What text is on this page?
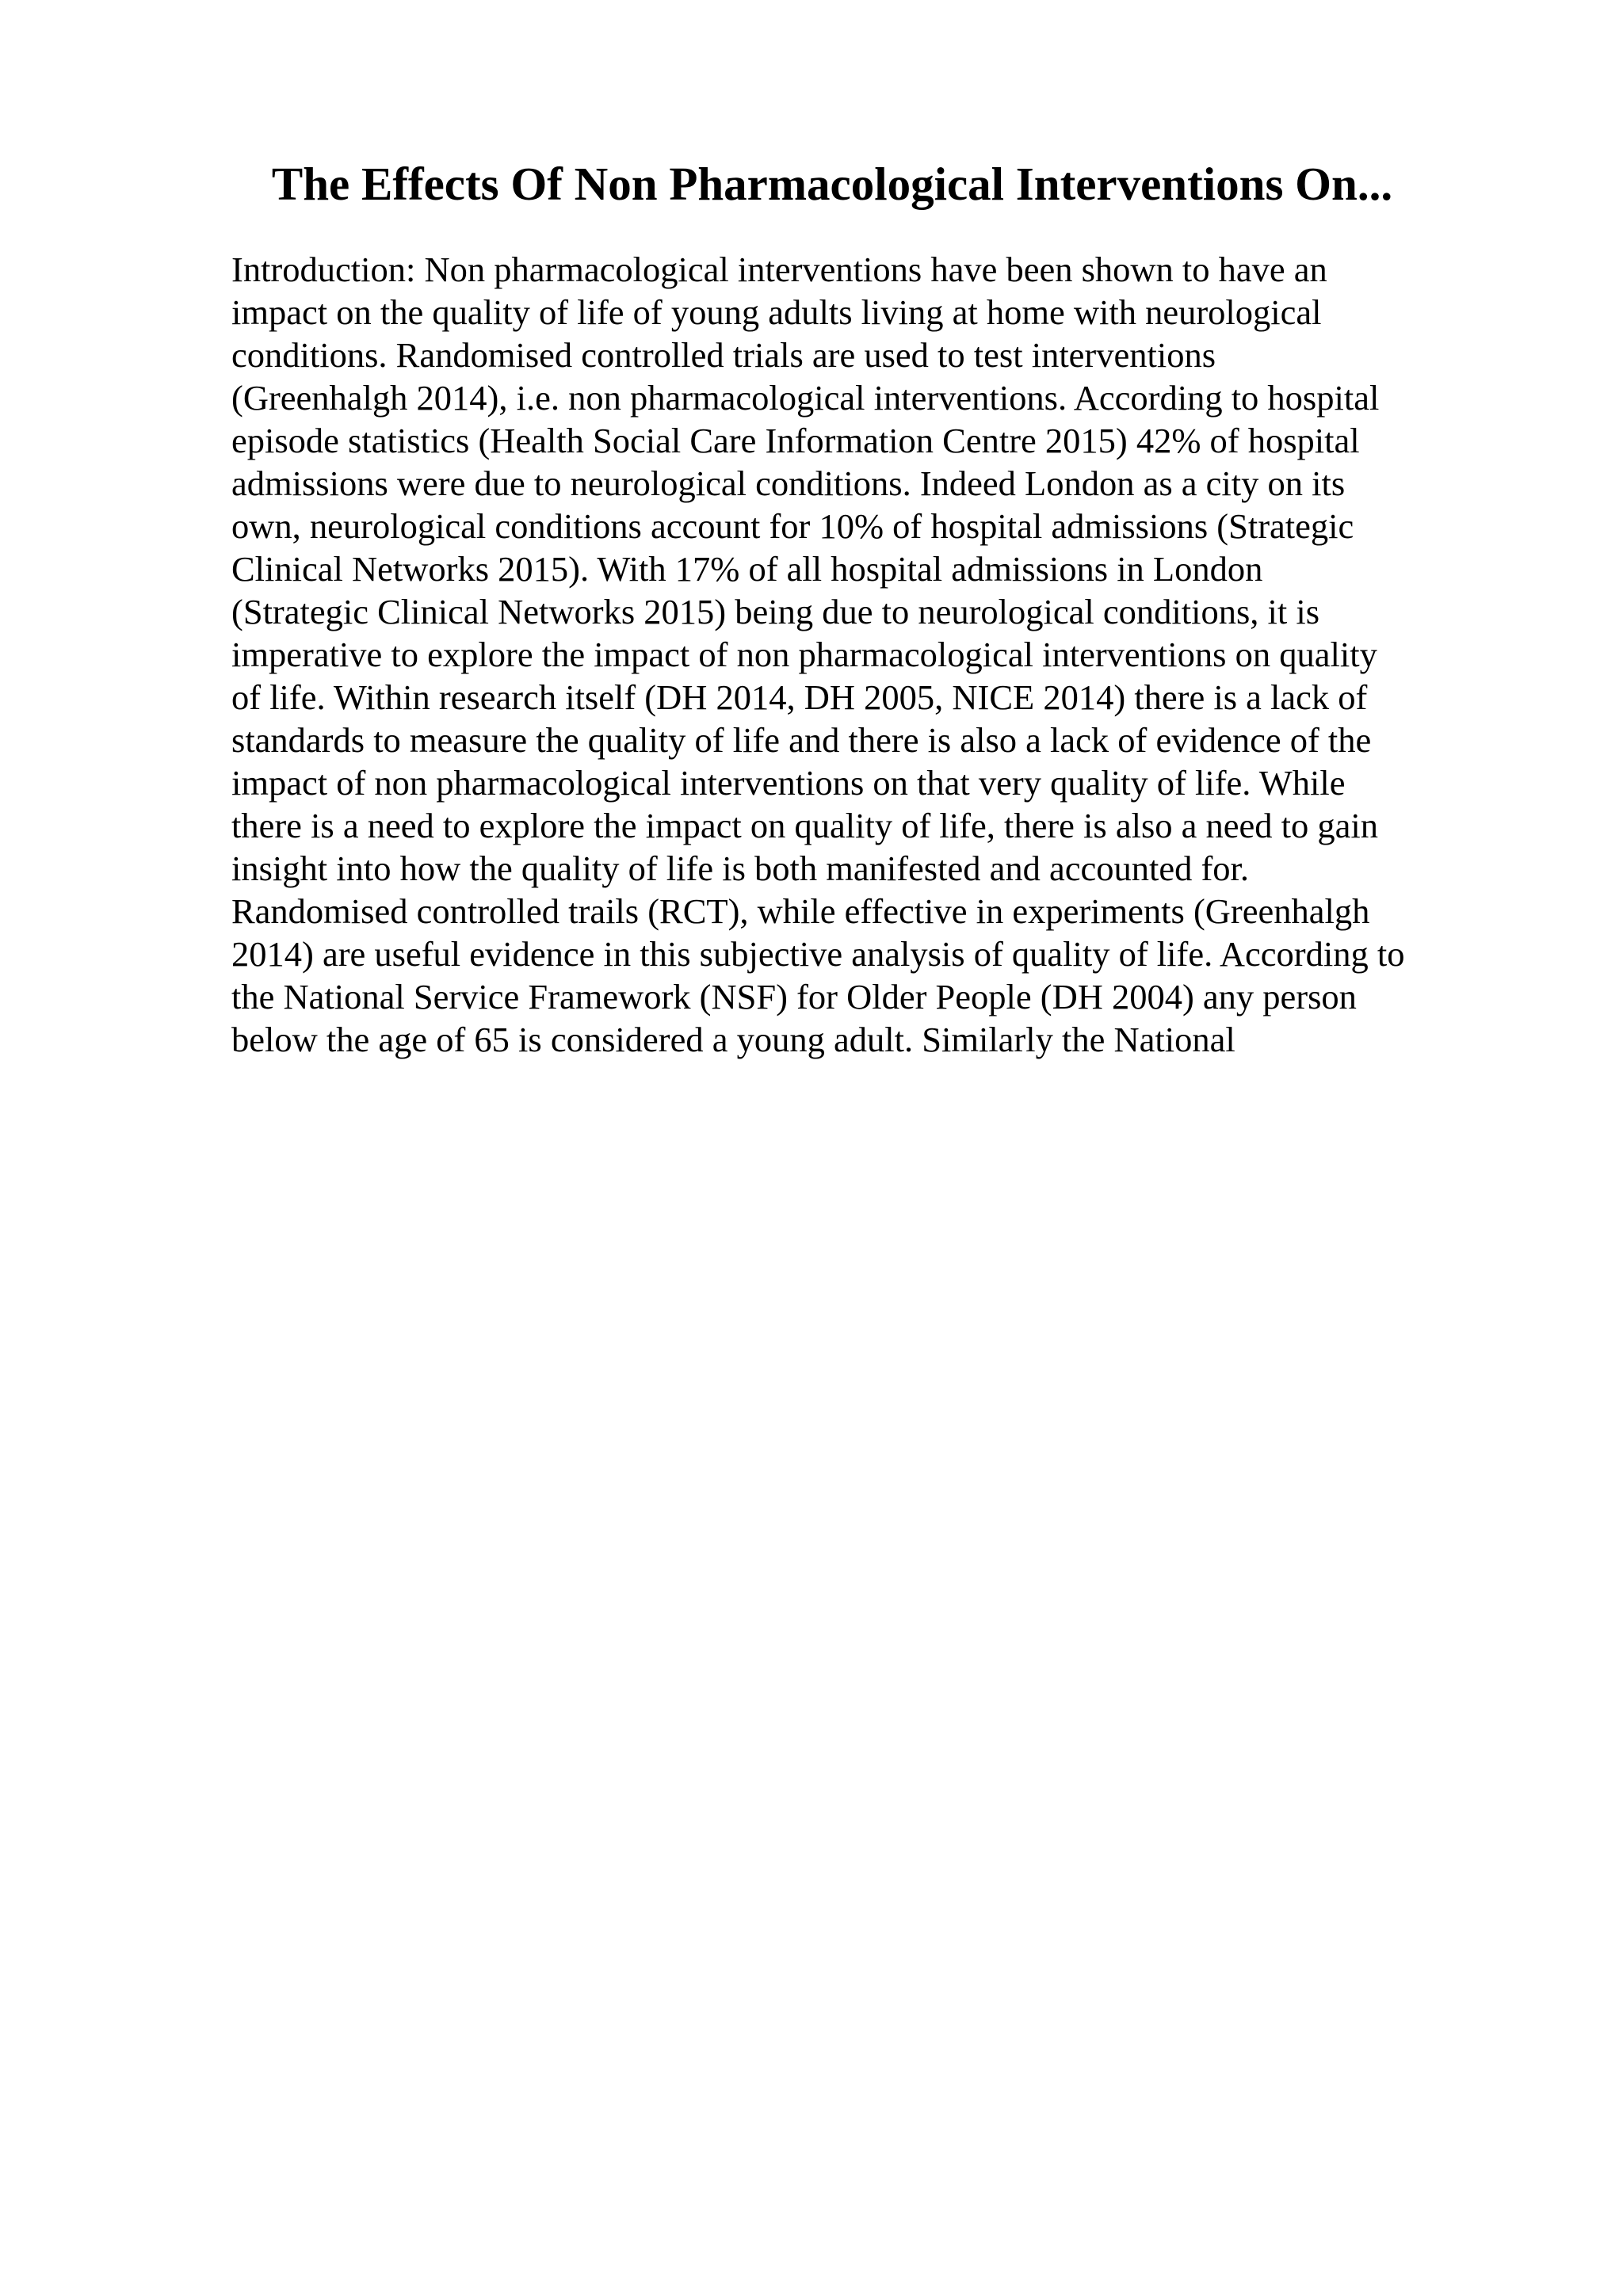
The Effects Of Non Pharmacological Interventions On...
Introduction: Non pharmacological interventions have been shown to have an
impact on the quality of life of young adults living at home with neurological
conditions. Randomised controlled trials are used to test interventions
(Greenhalgh 2014), i.e. non pharmacological interventions. According to hospital
episode statistics (Health Social Care Information Centre 2015) 42% of hospital
admissions were due to neurological conditions. Indeed London as a city on its
own, neurological conditions account for 10% of hospital admissions (Strategic
Clinical Networks 2015). With 17% of all hospital admissions in London
(Strategic Clinical Networks 2015) being due to neurological conditions, it is
imperative to explore the impact of non pharmacological interventions on quality
of life. Within research itself (DH 2014, DH 2005, NICE 2014) there is a lack of
standards to measure the quality of life and there is also a lack of evidence of the
impact of non pharmacological interventions on that very quality of life. While
there is a need to explore the impact on quality of life, there is also a need to gain
insight into how the quality of life is both manifested and accounted for.
Randomised controlled trails (RCT), while effective in experiments (Greenhalgh
2014) are useful evidence in this subjective analysis of quality of life. According to
the National Service Framework (NSF) for Older People (DH 2004) any person
below the age of 65 is considered a young adult. Similarly the National
